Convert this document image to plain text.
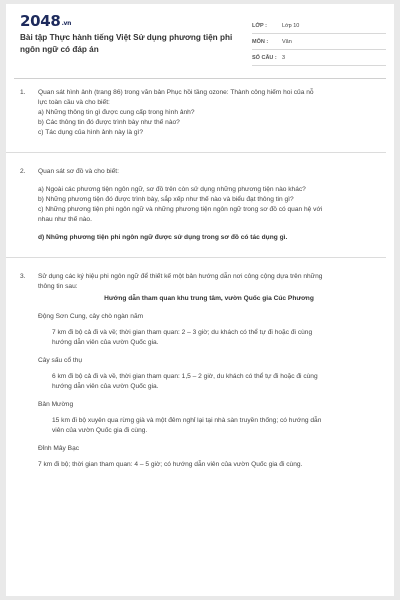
2048.vn
Bài tập Thực hành tiếng Việt Sử dụng phương tiện phi ngôn ngữ có đáp án
LỚP :	Lớp 10
MÔN :	Văn
SỐ CÂU : 3
1. Quan sát hình ảnh (trang 86) trong văn bản Phục hồi tầng ozone: Thành công hiếm hoi của nỗ

lực toàn cầu và cho biết:

a) Những thông tin gì được cung cấp trong hình ảnh?

b) Các thông tin đó được trình bày như thế nào?

c) Tác dụng của hình ảnh này là gì?

2. Quan sát sơ đồ và cho biết:

a) Ngoài các phương tiện ngôn ngữ, sơ đồ trên còn sử dụng những phương tiện nào khác?

b) Những phương tiện đó được trình bày, sắp xếp như thế nào và biểu đạt thông tin gì?

c) Những phương tiện phi ngôn ngữ và những phương tiện ngôn ngữ trong sơ đồ có quan hệ với

nhau như thế nào.

d) Những phương tiện phi ngôn ngữ được sử dụng trong sơ đồ có tác dụng gì.

3. Sử dụng các ký hiệu phi ngôn ngữ để thiết kế một bản hướng dẫn nơi công cộng dựa trên những

thông tin sau:

Hướng dẫn tham quan khu trung tâm, vườn Quốc gia Cúc Phương

Động Sơn Cung, cây chò ngàn năm

7 km đi bộ cả đi và về; thời gian tham quan: 2 – 3 giờ; du khách có thể tự đi hoặc đi cùng
hướng dẫn viên của vườn Quốc gia.

Cây sấu cổ thụ

6 km đi bộ cả đi và về, thời gian tham quan: 1,5 – 2 giờ, du khách có thể tự đi hoặc đi cùng
hướng dẫn viên của vườn Quốc gia.

Bản Mường

15 km đi bộ xuyên qua rừng già và một đêm nghỉ lại tại nhà sàn truyền thống; có hướng dẫn
viên của vườn Quốc gia đi cùng.

Đỉnh Mây Bạc

7 km đi bộ; thời gian tham quan: 4 – 5 giờ; có hướng dẫn viên của vườn Quốc gia đi cùng.
